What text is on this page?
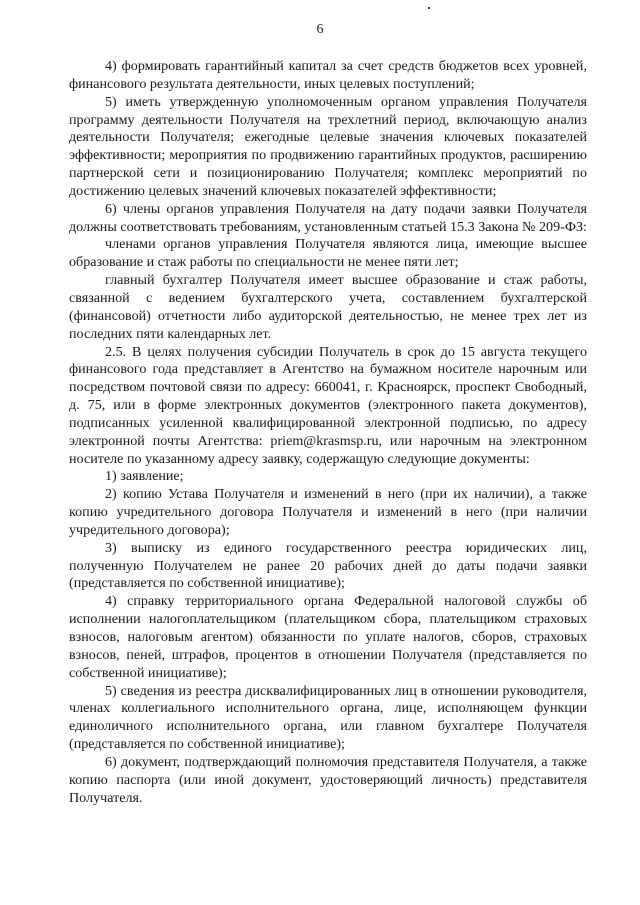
6

4) формировать гарантийный капитал за счет средств бюджетов всех уровней, финансового результата деятельности, иных целевых поступлений;

5) иметь утвержденную уполномоченным органом управления Получателя программу деятельности Получателя на трехлетний период, включающую анализ деятельности Получателя; ежегодные целевые значения ключевых показателей эффективности; мероприятия по продвижению гарантийных продуктов, расширению партнерской сети и позиционированию Получателя; комплекс мероприятий по достижению целевых значений ключевых показателей эффективности;

6) члены органов управления Получателя на дату подачи заявки Получателя должны соответствовать требованиям, установленным статьей 15.3 Закона № 209-ФЗ:

членами органов управления Получателя являются лица, имеющие высшее образование и стаж работы по специальности не менее пяти лет;

главный бухгалтер Получателя имеет высшее образование и стаж работы, связанной с ведением бухгалтерского учета, составлением бухгалтерской (финансовой) отчетности либо аудиторской деятельностью, не менее трех лет из последних пяти календарных лет.

2.5. В целях получения субсидии Получатель в срок до 15 августа текущего финансового года представляет в Агентство на бумажном носителе нарочным или посредством почтовой связи по адресу: 660041, г. Красноярск, проспект Свободный, д. 75, или в форме электронных документов (электронного пакета документов), подписанных усиленной квалифицированной электронной подписью, по адресу электронной почты Агентства: priem@krasmsp.ru, или нарочным на электронном носителе по указанному адресу заявку, содержащую следующие документы:

1) заявление;

2) копию Устава Получателя и изменений в него (при их наличии), а также копию учредительного договора Получателя и изменений в него (при наличии учредительного договора);

3) выписку из единого государственного реестра юридических лиц, полученную Получателем не ранее 20 рабочих дней до даты подачи заявки (представляется по собственной инициативе);

4) справку территориального органа Федеральной налоговой службы об исполнении налогоплательщиком (плательщиком сбора, плательщиком страховых взносов, налоговым агентом) обязанности по уплате налогов, сборов, страховых взносов, пеней, штрафов, процентов в отношении Получателя (представляется по собственной инициативе);

5) сведения из реестра дисквалифицированных лиц в отношении руководителя, членах коллегиального исполнительного органа, лице, исполняющем функции единоличного исполнительного органа, или главном бухгалтере Получателя (представляется по собственной инициативе);

6) документ, подтверждающий полномочия представителя Получателя, а также копию паспорта (или иной документ, удостоверяющий личность) представителя Получателя.
